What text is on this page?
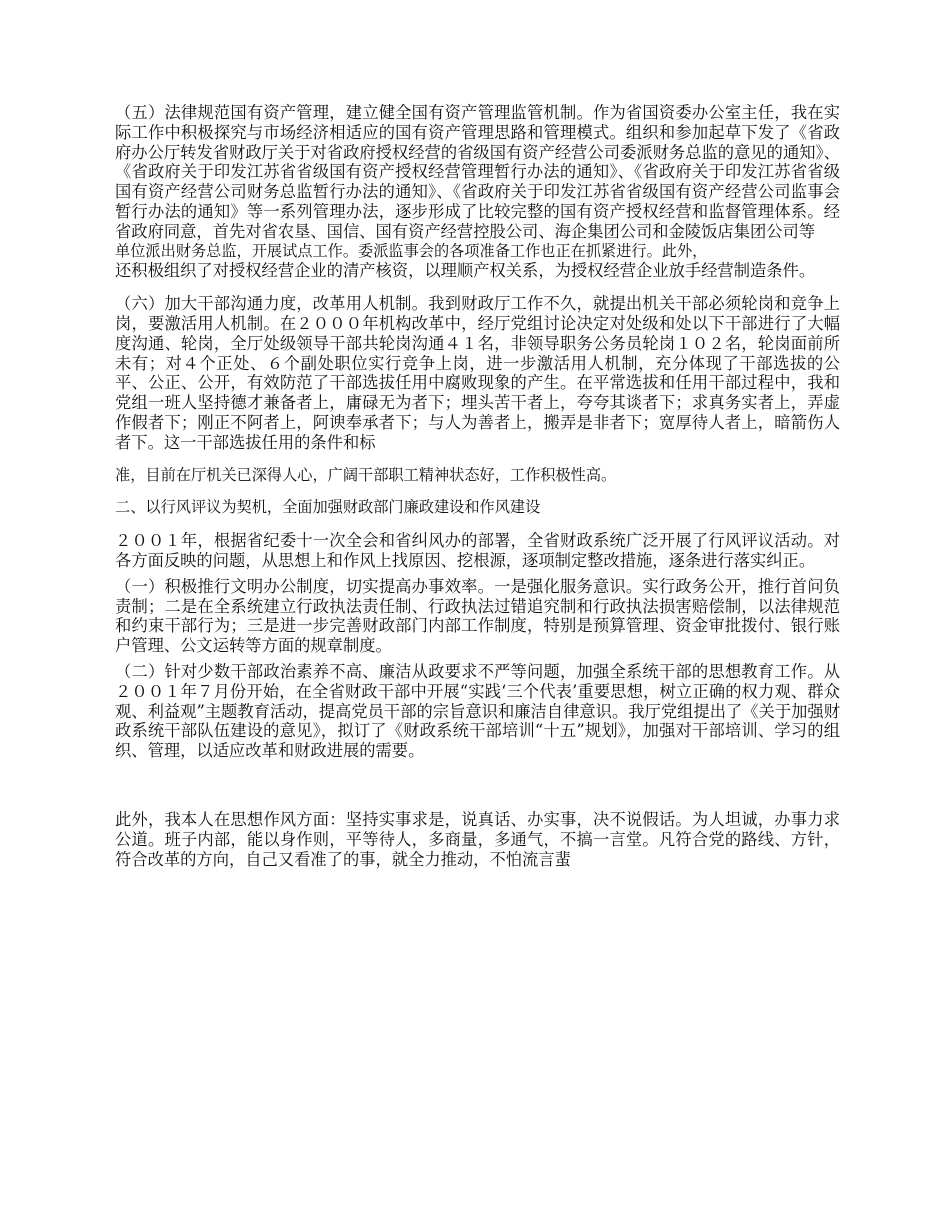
（五）法律规范国有资产管理，建立健全国有资产管理监管机制。作为省国资委办公室主任，我在实际工作中积极探究与市场经济相适应的国有资产管理思路和管理模式。组织和参加起草下发了《省政府办公厅转发省财政厅关于对省政府授权经营的省级国有资产经营公司委派财务总监的意见的通知》、《省政府关于印发江苏省省级国有资产授权经营管理暂行办法的通知》、《省政府关于印发江苏省省级国有资产经营公司财务总监暂行办法的通知》、《省政府关于印发江苏省省级国有资产经营公司监事会暂行办法的通知》等一系列管理办法，逐步形成了比较完整的国有资产授权经营和监督管理体系。经省政府同意，首先对省农垦、国信、国有资产经营控股公司、海企集团公司和金陵饭店集团公司等

单位派出财务总监，开展试点工作。委派监事会的各项准备工作也正在抓紧进行。此外，

还积极组织了对授权经营企业的清产核资，以理顺产权关系，为授权经营企业放手经营制造条件。

（六）加大干部沟通力度，改革用人机制。我到财政厅工作不久，就提出机关干部必须轮岗和竞争上岗，要激活用人机制。在２０００年机构改革中，经厅党组讨论决定对处级和处以下干部进行了大幅度沟通、轮岗，全厅处级领导干部共轮岗沟通４１名，非领导职务公务员轮岗１０２名，轮岗面前所未有；对４个正处、６个副处职位实行竞争上岗，进一步激活用人机制，充分体现了干部选拔的公平、公正、公开，有效防范了干部选拔任用中腐败现象的产生。在平常选拔和任用干部过程中，我和党组一班人坚持德才兼备者上，庸碌无为者下；埋头苦干者上，夸夸其谈者下；求真务实者上，弄虚作假者下；刚正不阿者上，阿谀奉承者下；与人为善者上，搬弄是非者下；宽厚待人者上，暗箭伤人者下。这一干部选拔任用的条件和标

准，目前在厅机关已深得人心，广阔干部职工精神状态好，工作积极性高。

二、以行风评议为契机，全面加强财政部门廉政建设和作风建设

２００１年，根据省纪委十一次全会和省纠风办的部署，全省财政系统广泛开展了行风评议活动。对各方面反映的问题，从思想上和作风上找原因、挖根源，逐项制定整改措施，逐条进行落实纠正。

（一）积极推行文明办公制度，切实提高办事效率。一是强化服务意识。实行政务公开，推行首问负责制；二是在全系统建立行政执法责任制、行政执法过错追究制和行政执法损害赔偿制，以法律规范和约束干部行为；三是进一步完善财政部门内部工作制度，特别是预算管理、资金审批拨付、银行账户管理、公文运转等方面的规章制度。

（二）针对少数干部政治素养不高、廉洁从政要求不严等问题，加强全系统干部的思想教育工作。从２００１年７月份开始，在全省财政干部中开展“实践‘三个代表’重要思想，树立正确的权力观、群众观、利益观”主题教育活动，提高党员干部的宗旨意识和廉洁自律意识。我厅党组提出了《关于加强财政系统干部队伍建设的意见》，拟订了《财政系统干部培训“十五”规划》，加强对干部培训、学习的组织、管理，以适应改革和财政进展的需要。

此外，我本人在思想作风方面：坚持实事求是，说真话、办实事，决不说假话。为人坦诚，办事力求公道。班子内部，能以身作则，平等待人，多商量，多通气，不搞一言堂。凡符合党的路线、方针，符合改革的方向，自己又看准了的事，就全力推动，不怕流言蜚
